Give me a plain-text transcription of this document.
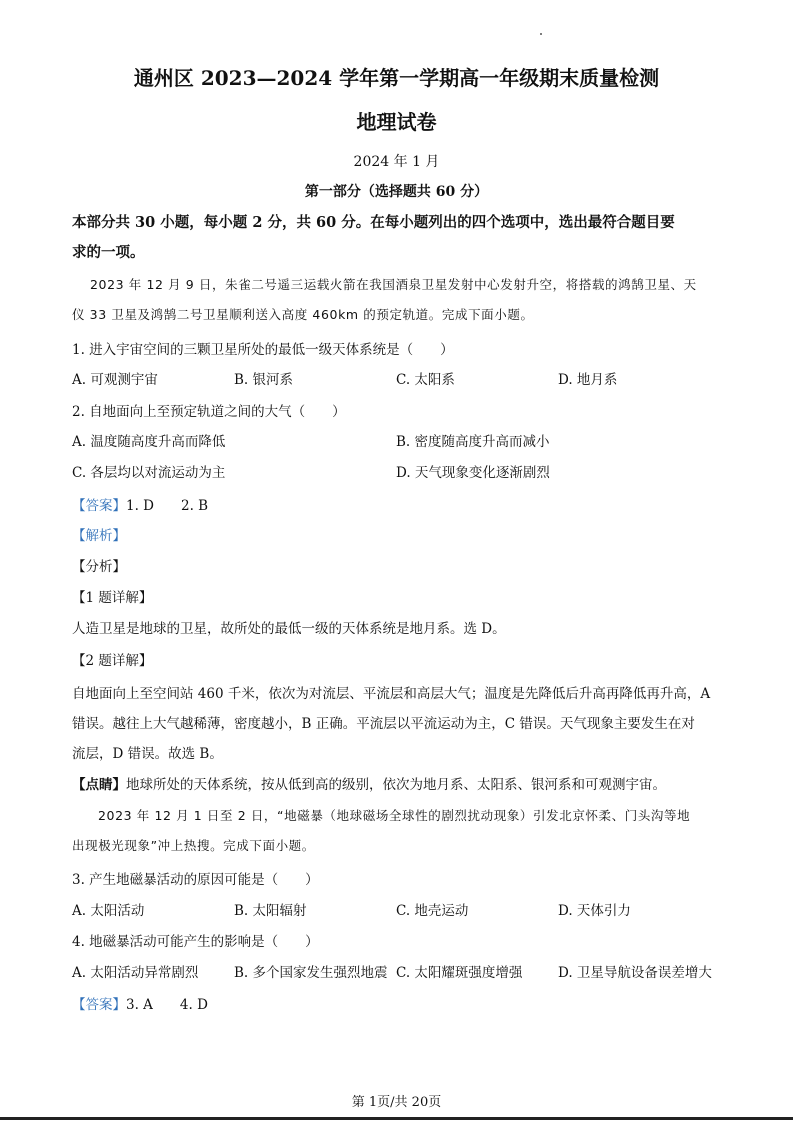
通州区 2023—2024 学年第一学期高一年级期末质量检测
地理试卷
2024 年 1 月
第一部分（选择题共 60 分）
本部分共 30 小题，每小题 2 分，共 60 分。在每小题列出的四个选项中，选出最符合题目要
求的一项。
2023 年 12 月 9 日，朱雀二号遥三运载火箭在我国酒泉卫星发射中心发射升空，将搭载的鸿鹄卫星、天
仪 33 卫星及鸿鹄二号卫星顺利送入高度 460km 的预定轨道。完成下面小题。
1. 进入宇宙空间的三颗卫星所处的最低一级天体系统是（　　）
A. 可观测宇宙	B. 银河系	C. 太阳系	D. 地月系
2. 自地面向上至预定轨道之间的大气（　　）
A. 温度随高度升高而降低	B. 密度随高度升高而减小
C. 各层均以对流运动为主	D. 天气现象变化逐渐剧烈
【答案】1. D　　2. B
【解析】
【分析】
【1 题详解】
人造卫星是地球的卫星，故所处的最低一级的天体系统是地月系。选 D。
【2 题详解】
自地面向上至空间站 460 千米，依次为对流层、平流层和高层大气；温度是先降低后升高再降低再升高，A
错误。越往上大气越稀薄，密度越小，B 正确。平流层以平流运动为主，C 错误。天气现象主要发生在对
流层，D 错误。故选 B。
【点睛】地球所处的天体系统，按从低到高的级别，依次为地月系、太阳系、银河系和可观测宇宙。
2023 年 12 月 1 日至 2 日，“地磁暴（地球磁场全球性的剧烈扰动现象）引发北京怀柔、门头沟等地
出现极光现象”冲上热搜。完成下面小题。
3. 产生地磁暴活动的原因可能是（　　）
A. 太阳活动	B. 太阳辐射	C. 地壳运动	D. 天体引力
4. 地磁暴活动可能产生的影响是（　　）
A. 太阳活动异常剧烈	B. 多个国家发生强烈地震 C. 太阳耀斑强度增强	D. 卫星导航设备误差增大
【答案】3. A　　4. D
第 1页/共 20页
